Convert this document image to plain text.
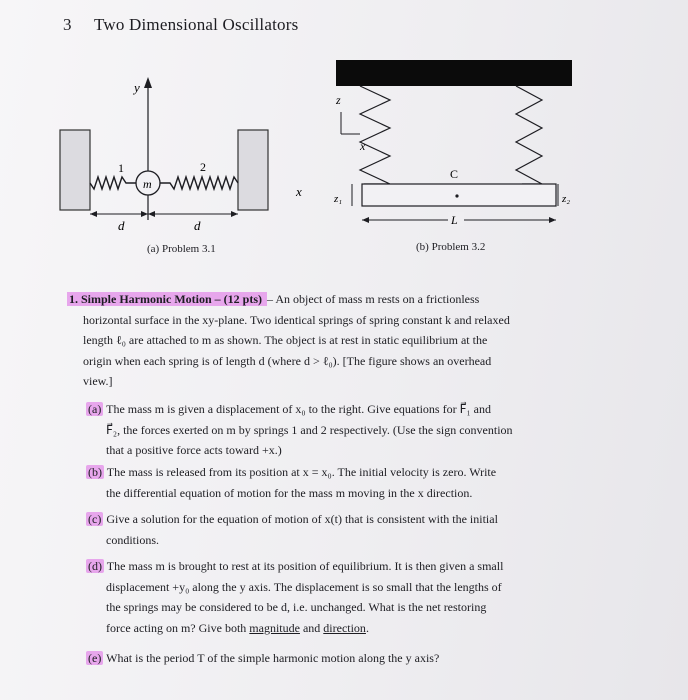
3 Two Dimensional Oscillators
y
m
1	2
x
d	d
(a) Problem 3.1
z
x
C
z₁	z₂
L
(b) Problem 3.2
1. Simple Harmonic Motion – (12 pts) – An object of mass m rests on a frictionless
horizontal surface in the xy-plane. Two identical springs of spring constant k and relaxed
length ℓ₀ are attached to m as shown. The object is at rest in static equilibrium at the
origin when each spring is of length d (where d > ℓ₀). [The figure shows an overhead
view.]
(a) The mass m is given a displacement of x₀ to the right. Give equations for F⃗₁ and
F⃗₂, the forces exerted on m by springs 1 and 2 respectively. (Use the sign convention
that a positive force acts toward +x.)
(b) The mass is released from its position at x = x₀. The initial velocity is zero. Write
the differential equation of motion for the mass m moving in the x direction.
(c) Give a solution for the equation of motion of x(t) that is consistent with the initial
conditions.
(d) The mass m is brought to rest at its position of equilibrium. It is then given a small
displacement +y₀ along the y axis. The displacement is so small that the lengths of
the springs may be considered to be d, i.e. unchanged. What is the net restoring
force acting on m? Give both magnitude and direction.
(e) What is the period T of the simple harmonic motion along the y axis?
